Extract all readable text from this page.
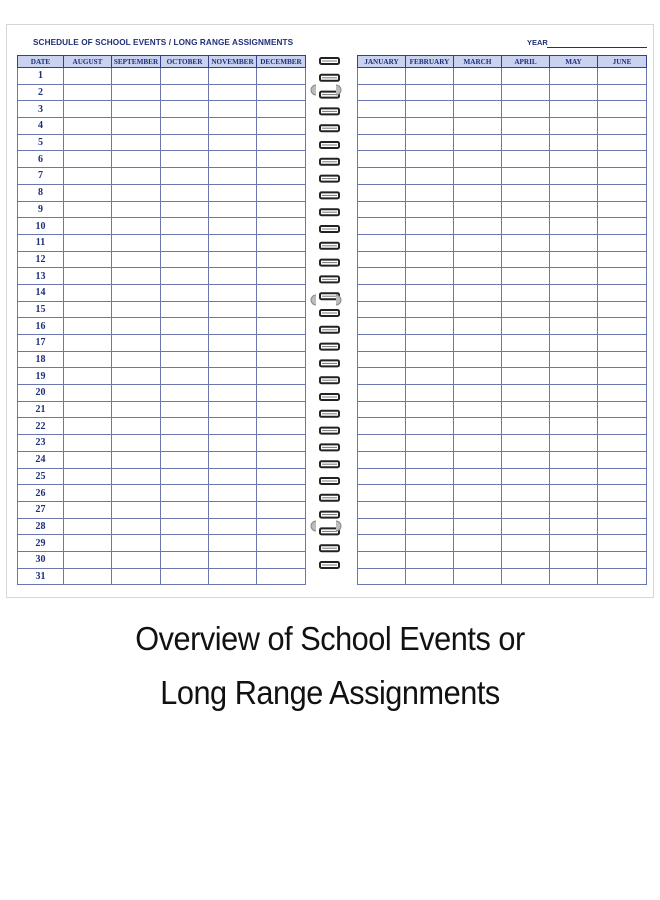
SCHEDULE OF SCHOOL EVENTS / LONG RANGE ASSIGNMENTS
DATE	AUGUST	SEPTEMBER	OCTOBER	NOVEMBER	DECEMBER
1					
2					
3					
4					
5					
6					
7					
8					
9					
10					
11					
12					
13					
14					
15					
16					
17					
18					
19					
20					
21					
22					
23					
24					
25					
26					
27					
28					
29					
30					
31					
YEAR
JANUARY	FEBRUARY	MARCH	APRIL	MAY	JUNE

Overview of School Events or
Long Range Assignments
